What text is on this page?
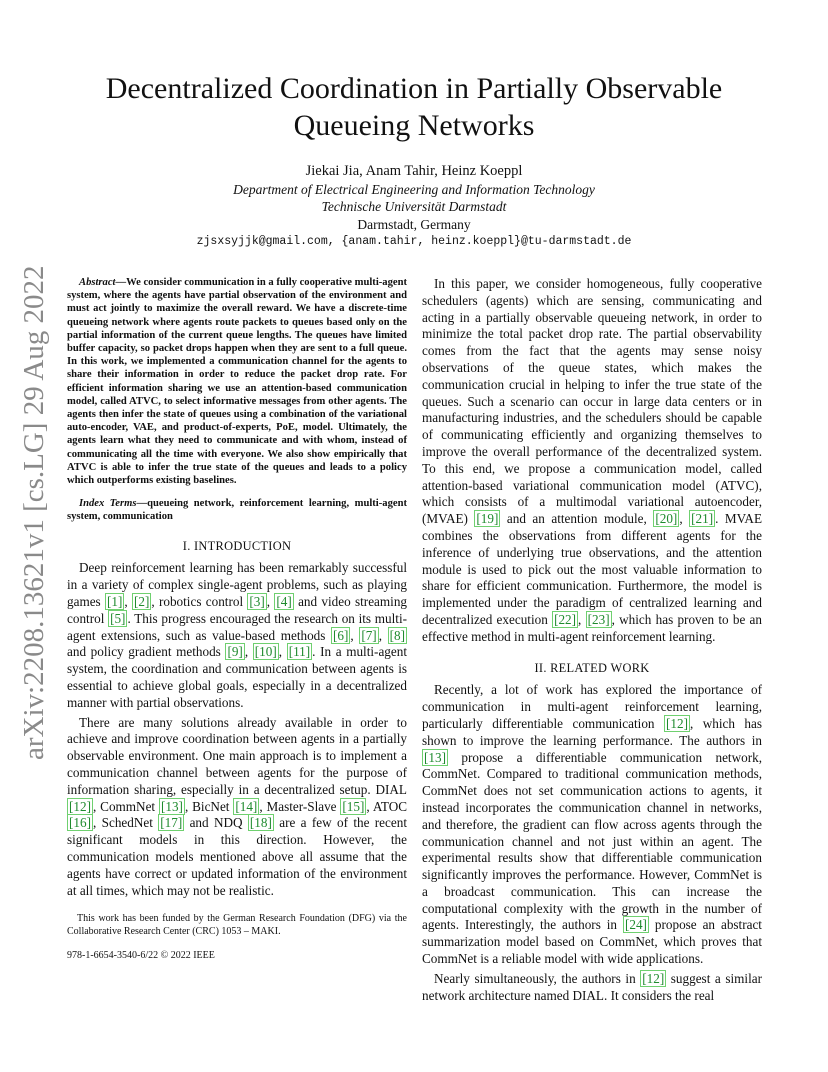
arXiv:2208.13621v1 [cs.LG] 29 Aug 2022
Decentralized Coordination in Partially Observable Queueing Networks
Jiekai Jia, Anam Tahir, Heinz Koeppl
Department of Electrical Engineering and Information Technology
Technische Universität Darmstadt
Darmstadt, Germany
zjsxsyjjk@gmail.com, {anam.tahir, heinz.koeppl}@tu-darmstadt.de

Abstract—We consider communication in a fully cooperative multi-agent system, where the agents have partial observation of the environment and must act jointly to maximize the overall reward. We have a discrete-time queueing network where agents route packets to queues based only on the partial information of the current queue lengths. The queues have limited buffer capacity, so packet drops happen when they are sent to a full queue. In this work, we implemented a communication channel for the agents to share their information in order to reduce the packet drop rate. For efficient information sharing we use an attention-based communication model, called ATVC, to select informative messages from other agents. The agents then infer the state of queues using a combination of the variational auto-encoder, VAE, and product-of-experts, PoE, model. Ultimately, the agents learn what they need to communicate and with whom, instead of communicating all the time with everyone. We also show empirically that ATVC is able to infer the true state of the queues and leads to a policy which outperforms existing baselines.

Index Terms—queueing network, reinforcement learning, multi-agent system, communication

I. INTRODUCTION

Deep reinforcement learning has been remarkably successful in a variety of complex single-agent problems, such as playing games [1] , [2] , robotics control [3] , [4] and video streaming control [5] . This progress encouraged the research on its multi-agent extensions, such as value-based methods [6] , [7] , [8] and policy gradient methods [9] , [10] , [11] . In a multi-agent system, the coordination and communication between agents is essential to achieve global goals, especially in a decentralized manner with partial observations.

There are many solutions already available in order to achieve and improve coordination between agents in a partially observable environment. One main approach is to implement a communication channel between agents for the purpose of information sharing, especially in a decentralized setup. DIAL [12] , CommNet [13] , BicNet [14] , Master-Slave [15] , ATOC [16] , SchedNet [17] and NDQ [18] are a few of the recent significant models in this direction. However, the communication models mentioned above all assume that the agents have correct or updated information of the environment at all times, which may not be realistic.

This work has been funded by the German Research Foundation (DFG) via the Collaborative Research Center (CRC) 1053 – MAKI.
978-1-6654-3540-6/22 © 2022 IEEE

In this paper, we consider homogeneous, fully cooperative schedulers (agents) which are sensing, communicating and acting in a partially observable queueing network, in order to minimize the total packet drop rate. The partial observability comes from the fact that the agents may sense noisy observations of the queue states, which makes the communication crucial in helping to infer the true state of the queues. Such a scenario can occur in large data centers or in manufacturing industries, and the schedulers should be capable of communicating efficiently and organizing themselves to improve the overall performance of the decentralized system. To this end, we propose a communication model, called attention-based variational communication model (ATVC), which consists of a multimodal variational autoencoder, (MVAE) [19] and an attention module, [20] , [21] . MVAE combines the observations from different agents for the inference of underlying true observations, and the attention module is used to pick out the most valuable information to share for efficient communication. Furthermore, the model is implemented under the paradigm of centralized learning and decentralized execution [22] , [23] , which has proven to be an effective method in multi-agent reinforcement learning.

II. RELATED WORK

Recently, a lot of work has explored the importance of communication in multi-agent reinforcement learning, particularly differentiable communication [12] , which has shown to improve the learning performance. The authors in [13] propose a differentiable communication network, CommNet. Compared to traditional communication methods, CommNet does not set communication actions to agents, it instead incorporates the communication channel in networks, and therefore, the gradient can flow across agents through the communication channel and not just within an agent. The experimental results show that differentiable communication significantly improves the performance. However, CommNet is a broadcast communication. This can increase the computational complexity with the growth in the number of agents. Interestingly, the authors in [24] propose an abstract summarization model based on CommNet, which proves that CommNet is a reliable model with wide applications.

Nearly simultaneously, the authors in [12] suggest a similar network architecture named DIAL. It considers the real
